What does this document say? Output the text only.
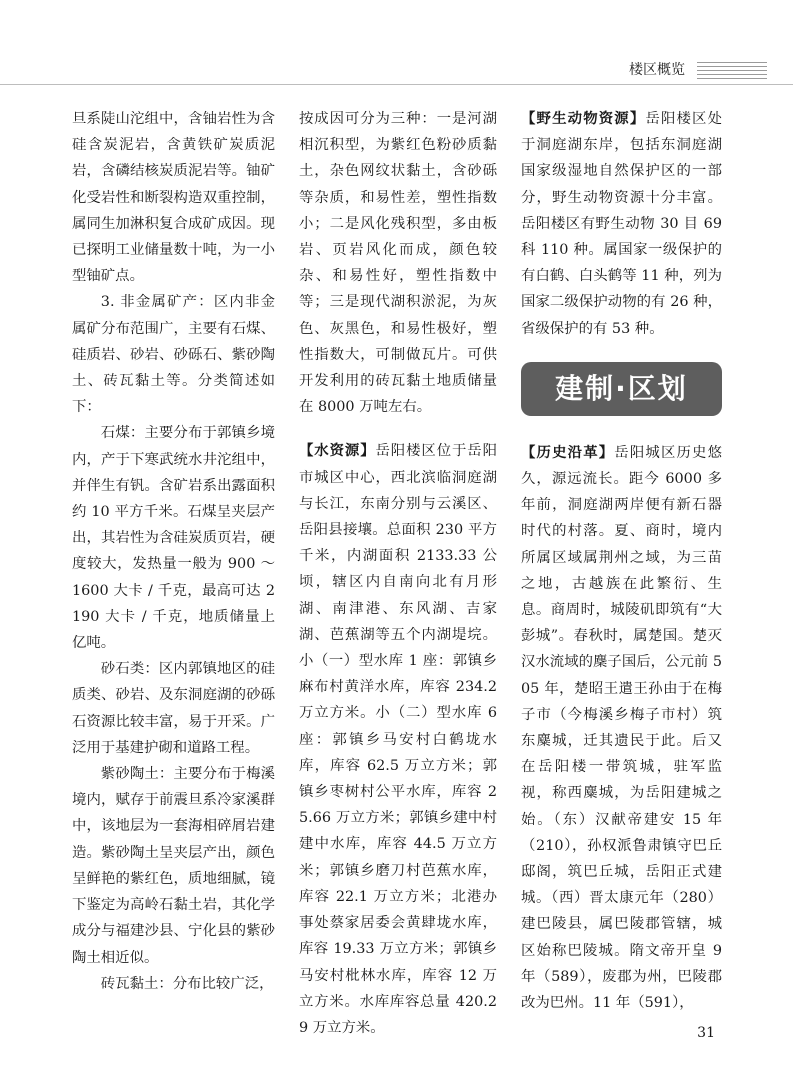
楼区概览

旦系陡山沱组中，含铀岩性为含硅含炭泥岩，含黄铁矿炭质泥岩，含磷结核炭质泥岩等。铀矿化受岩性和断裂构造双重控制，属同生加淋积复合成矿成因。现已探明工业储量数十吨，为一小型铀矿点。

3. 非金属矿产：区内非金属矿分布范围广，主要有石煤、硅质岩、砂岩、砂砾石、紫砂陶土、砖瓦黏土等。分类简述如下：

石煤：主要分布于郭镇乡境内，产于下寒武统水井沱组中，并伴生有钒。含矿岩系出露面积约 10 平方千米。石煤呈夹层产出，其岩性为含硅炭质页岩，硬度较大，发热量一般为 900 ～ 1600 大卡 / 千克，最高可达 2190 大卡 / 千克，地质储量上亿吨。

砂石类：区内郭镇地区的硅质类、砂岩、及东洞庭湖的砂砾石资源比较丰富，易于开采。广泛用于基建护砌和道路工程。

紫砂陶土：主要分布于梅溪境内，赋存于前震旦系冷家溪群中，该地层为一套海相碎屑岩建造。紫砂陶土呈夹层产出，颜色呈鲜艳的紫红色，质地细腻，镜下鉴定为高岭石黏土岩，其化学成分与福建沙县、宁化县的紫砂陶土相近似。

砖瓦黏土：分布比较广泛，

按成因可分为三种：一是河湖相沉积型，为紫红色粉砂质黏土，杂色网纹状黏土，含砂砾等杂质，和易性差，塑性指数小；二是风化残积型，多由板岩、页岩风化而成，颜色较杂、和易性好，塑性指数中等；三是现代湖积淤泥，为灰色、灰黑色，和易性极好，塑性指数大，可制做瓦片。可供开发利用的砖瓦黏土地质储量在 8000 万吨左右。

【水资源】岳阳楼区位于岳阳市城区中心，西北滨临洞庭湖与长江，东南分别与云溪区、岳阳县接壤。总面积 230 平方千米，内湖面积 2133.33 公顷，辖区内自南向北有月形湖、南津港、东风湖、吉家湖、芭蕉湖等五个内湖堤垸。小（一）型水库 1 座：郭镇乡麻布村黄洋水库，库容 234.2 万立方米。小（二）型水库 6 座：郭镇乡马安村白鹤垅水库，库容 62.5 万立方米；郭镇乡枣树村公平水库，库容 25.66 万立方米；郭镇乡建中村建中水库，库容 44.5 万立方米；郭镇乡磨刀村芭蕉水库，库容 22.1 万立方米；北港办事处蔡家居委会黄肆垅水库，库容 19.33 万立方米；郭镇乡马安村枇林水库，库容 12 万立方米。水库库容总量 420.29 万立方米。

【野生动物资源】岳阳楼区处于洞庭湖东岸，包括东洞庭湖国家级湿地自然保护区的一部分，野生动物资源十分丰富。岳阳楼区有野生动物 30 目 69 科 110 种。属国家一级保护的有白鹤、白头鹤等 11 种，列为国家二级保护动物的有 26 种，省级保护的有 53 种。

建制·区划

【历史沿革】岳阳城区历史悠久，源远流长。距今 6000 多年前，洞庭湖两岸便有新石器时代的村落。夏、商时，境内所属区域属荆州之域，为三苗之地，古越族在此繁衍、生息。商周时，城陵矶即筑有“大彭城”。春秋时，属楚国。楚灭汉水流域的麇子国后，公元前 505 年，楚昭王遣王孙由于在梅子市（今梅溪乡梅子市村）筑东麋城，迁其遗民于此。后又在岳阳楼一带筑城，驻军监视，称西麋城，为岳阳建城之始。（东）汉献帝建安 15 年（210），孙权派鲁肃镇守巴丘邸阁，筑巴丘城，岳阳正式建城。（西）晋太康元年（280）建巴陵县，属巴陵郡管辖，城区始称巴陵城。隋文帝开皇 9 年（589），废郡为州，巴陵郡改为巴州。11 年（591），

31
